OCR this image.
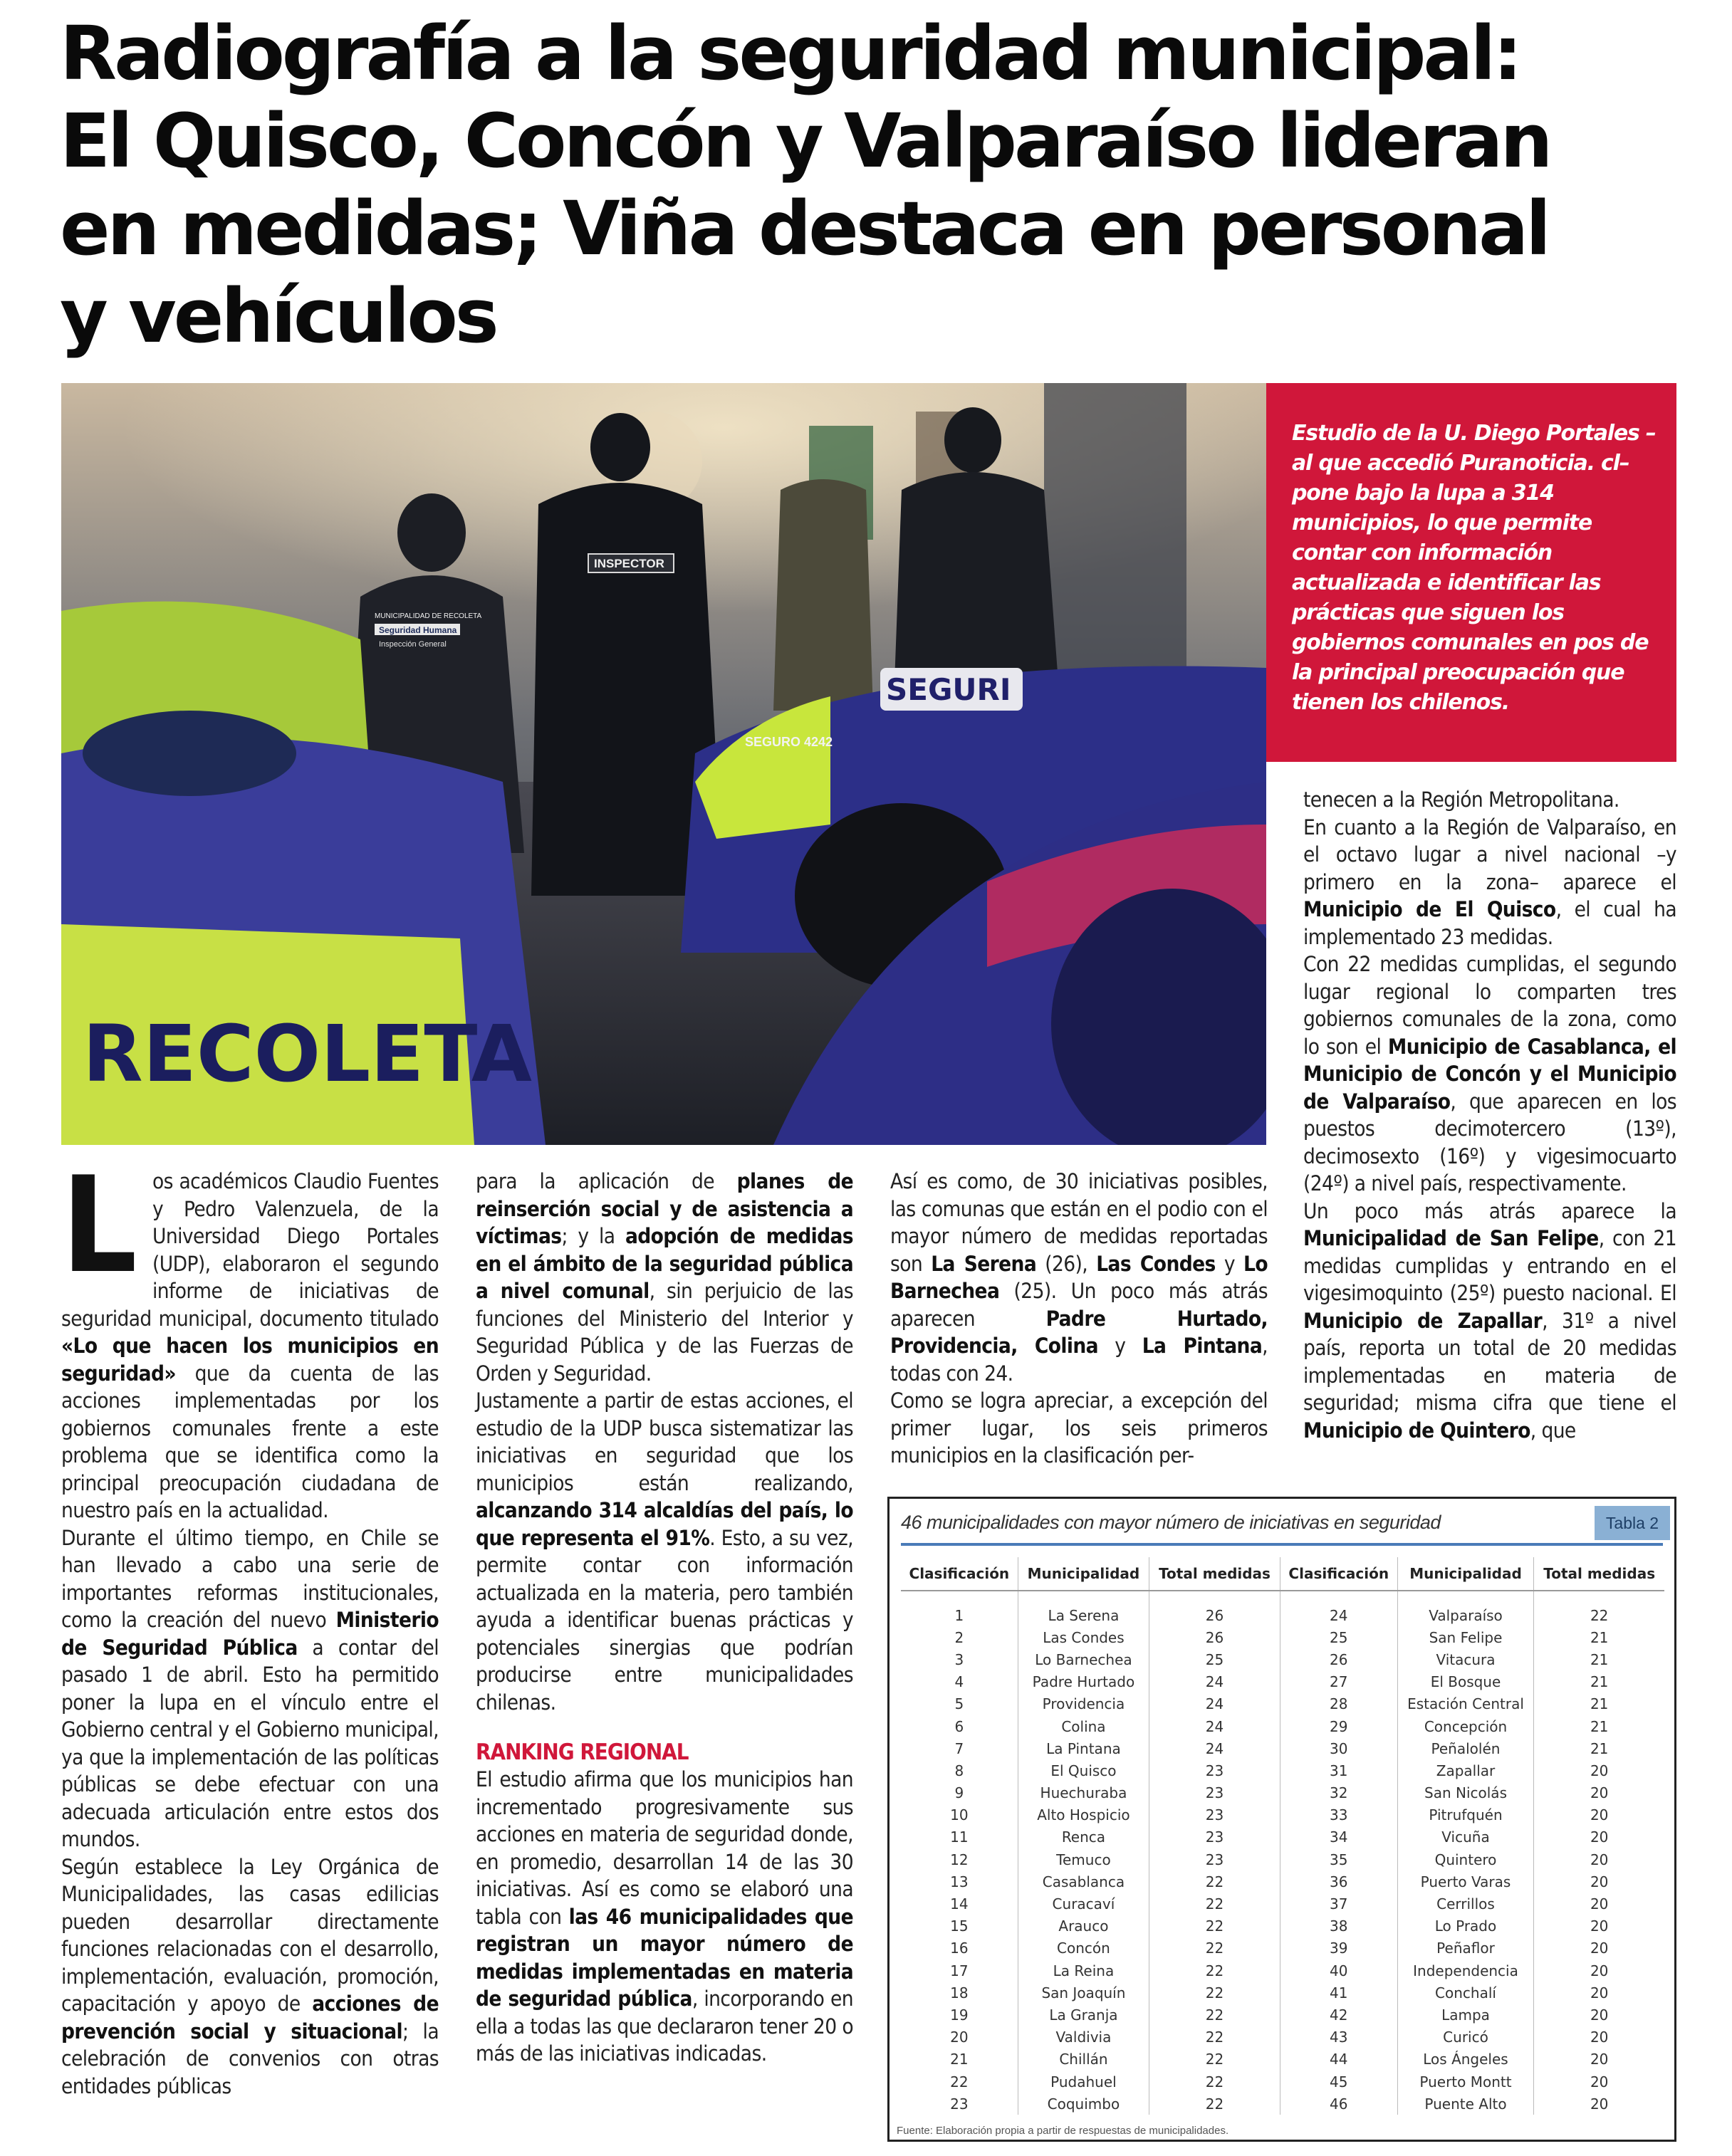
Radiografía a la seguridad municipal:
El Quisco, Concón y Valparaíso lideran
en medidas; Viña destaca en personal
y vehículos
MUNICIPALIDAD DE RECOLETA
Seguridad Humana
Inspección General
INSPECTOR
SEGURI
SEGURO 4242
RECOLETA

Estudio de la U. Diego Portales –al que accedió Puranoticia. cl– pone bajo la lupa a 314 municipios, lo que permite contar con información actualizada e identificar las prácticas que siguen los gobiernos comunales en pos de la principal preocupación que tienen los chilenos.

L os académicos Claudio Fuentes y Pedro Valenzuela, de la Universidad Diego Portales (UDP), elaboraron el segundo informe de iniciativas de seguridad municipal, documento titulado «Lo que hacen los municipios en seguridad» que da cuenta de las acciones implementadas por los gobiernos comunales frente a este problema que se identifica como la principal preocupación ciudadana de nuestro país en la actualidad.

Durante el último tiempo, en Chile se han llevado a cabo una serie de importantes reformas institucionales, como la creación del nuevo Ministerio de Seguridad Pública a contar del pasado 1 de abril. Esto ha permitido poner la lupa en el vínculo entre el Gobierno central y el Gobierno municipal, ya que la implementación de las políticas públicas se debe efectuar con una adecuada articulación entre estos dos mundos.

Según establece la Ley Orgánica de Municipalidades, las casas edilicias pueden desarrollar directamente funciones relacionadas con el desarrollo, implementación, evaluación, promoción, capacitación y apoyo de acciones de prevención social y situacional; la celebración de convenios con otras entidades públicas

para la aplicación de planes de reinserción social y de asistencia a víctimas; y la adopción de medidas en el ámbito de la seguridad pública a nivel comunal, sin perjuicio de las funciones del Ministerio del Interior y Seguridad Pública y de las Fuerzas de Orden y Seguridad.

Justamente a partir de estas acciones, el estudio de la UDP busca sistematizar las iniciativas en seguridad que los municipios están realizando, alcanzando 314 alcaldías del país, lo que representa el 91%. Esto, a su vez, permite contar con información actualizada en la materia, pero también ayuda a identificar buenas prácticas y potenciales sinergias que podrían producirse entre municipalidades chilenas.

RANKING REGIONAL

El estudio afirma que los municipios han incrementado progresivamente sus acciones en materia de seguridad donde, en promedio, desarrollan 14 de las 30 iniciativas. Así es como se elaboró una tabla con las 46 municipalidades que registran un mayor número de medidas implementadas en materia de seguridad pública, incorporando en ella a todas las que declararon tener 20 o más de las iniciativas indicadas.

Así es como, de 30 iniciativas posibles, las comunas que están en el podio con el mayor número de medidas reportadas son La Serena (26), Las Condes y Lo Barnechea (25). Un poco más atrás aparecen Padre Hurtado, Providencia, Colina y La Pintana, todas con 24.

Como se logra apreciar, a excepción del primer lugar, los seis primeros municipios en la clasificación per-

tenecen a la Región Metropolitana.

En cuanto a la Región de Valparaíso, en el octavo lugar a nivel nacional –y primero en la zona– aparece el Municipio de El Quisco, el cual ha implementado 23 medidas.

Con 22 medidas cumplidas, el segundo lugar regional lo comparten tres gobiernos comunales de la zona, como lo son el Municipio de Casablanca, el Municipio de Concón y el Municipio de Valparaíso, que aparecen en los puestos decimotercero (13º), decimosexto (16º) y vigesimocuarto (24º) a nivel país, respectivamente.

Un poco más atrás aparece la Municipalidad de San Felipe, con 21 medidas cumplidas y entrando en el vigesimoquinto (25º) puesto nacional. El Municipio de Zapallar, 31º a nivel país, reporta un total de 20 medidas implementadas en materia de seguridad; misma cifra que tiene el Municipio de Quintero, que

46 municipalidades con mayor número de iniciativas en seguridad	Tabla 2
Clasificación	Municipalidad	Total medidas	Clasificación	Municipalidad	Total medidas
1	La Serena	26	24	Valparaíso	22
2	Las Condes	26	25	San Felipe	21
3	Lo Barnechea	25	26	Vitacura	21
4	Padre Hurtado	24	27	El Bosque	21
5	Providencia	24	28	Estación Central	21
6	Colina	24	29	Concepción	21
7	La Pintana	24	30	Peñalolén	21
8	El Quisco	23	31	Zapallar	20
9	Huechuraba	23	32	San Nicolás	20
10	Alto Hospicio	23	33	Pitrufquén	20
11	Renca	23	34	Vicuña	20
12	Temuco	23	35	Quintero	20
13	Casablanca	22	36	Puerto Varas	20
14	Curacaví	22	37	Cerrillos	20
15	Arauco	22	38	Lo Prado	20
16	Concón	22	39	Peñaflor	20
17	La Reina	22	40	Independencia	20
18	San Joaquín	22	41	Conchalí	20
19	La Granja	22	42	Lampa	20
20	Valdivia	22	43	Curicó	20
21	Chillán	22	44	Los Ángeles	20
22	Pudahuel	22	45	Puerto Montt	20
23	Coquimbo	22	46	Puente Alto	20
Fuente: Elaboración propia a partir de respuestas de municipalidades.
